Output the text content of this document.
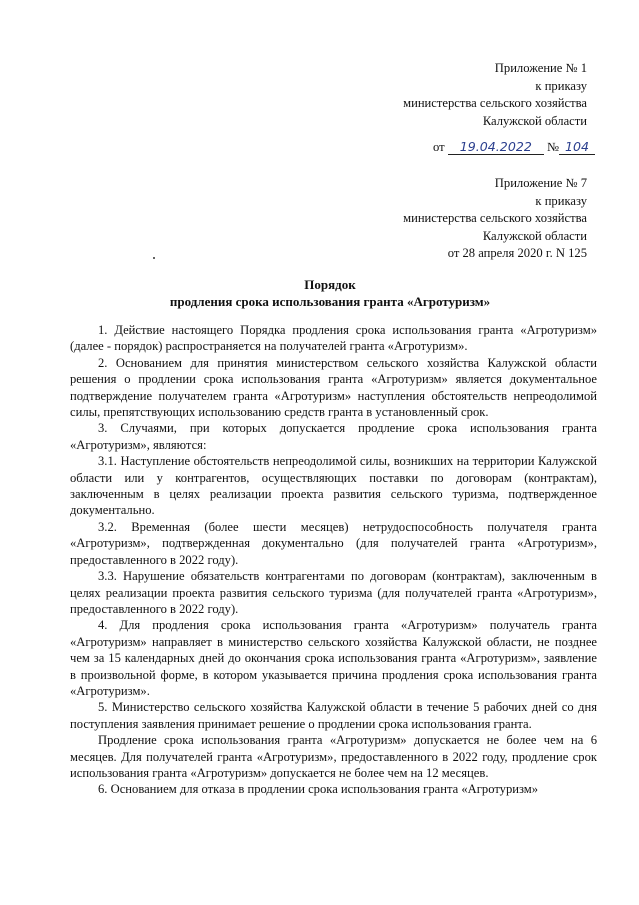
Приложение № 1
к приказу
министерства сельского хозяйства
Калужской области
от 19.04.2022 № 104
Приложение № 7
к приказу
министерства сельского хозяйства
Калужской области
от 28 апреля 2020 г. N 125
Порядок
продления срока использования гранта «Агротуризм»

1. Действие настоящего Порядка продления срока использования гранта «Агротуризм» (далее - порядок) распространяется на получателей гранта «Агротуризм».

2. Основанием для принятия министерством сельского хозяйства Калужской области решения о продлении срока использования гранта «Агротуризм» является документальное подтверждение получателем гранта «Агротуризм» наступления обстоятельств непреодолимой силы, препятствующих использованию средств гранта в установленный срок.

3. Случаями, при которых допускается продление срока использования гранта «Агротуризм», являются:

3.1. Наступление обстоятельств непреодолимой силы, возникших на территории Калужской области или у контрагентов, осуществляющих поставки по договорам (контрактам), заключенным в целях реализации проекта развития сельского туризма, подтвержденное документально.

3.2. Временная (более шести месяцев) нетрудоспособность получателя гранта «Агротуризм», подтвержденная документально (для получателей гранта «Агротуризм», предоставленного в 2022 году).

3.3. Нарушение обязательств контрагентами по договорам (контрактам), заключенным в целях реализации проекта развития сельского туризма (для получателей гранта «Агротуризм», предоставленного в 2022 году).

4. Для продления срока использования гранта «Агротуризм» получатель гранта «Агротуризм» направляет в министерство сельского хозяйства Калужской области, не позднее чем за 15 календарных дней до окончания срока использования гранта «Агротуризм», заявление в произвольной форме, в котором указывается причина продления срока использования гранта «Агротуризм».

5. Министерство сельского хозяйства Калужской области в течение 5 рабочих дней со дня поступления заявления принимает решение о продлении срока использования гранта.

Продление срока использования гранта «Агротуризм» допускается не более чем на 6 месяцев. Для получателей гранта «Агротуризм», предоставленного в 2022 году, продление срок использования гранта «Агротуризм» допускается не более чем на 12 месяцев.

6. Основанием для отказа в продлении срока использования гранта «Агротуризм»
